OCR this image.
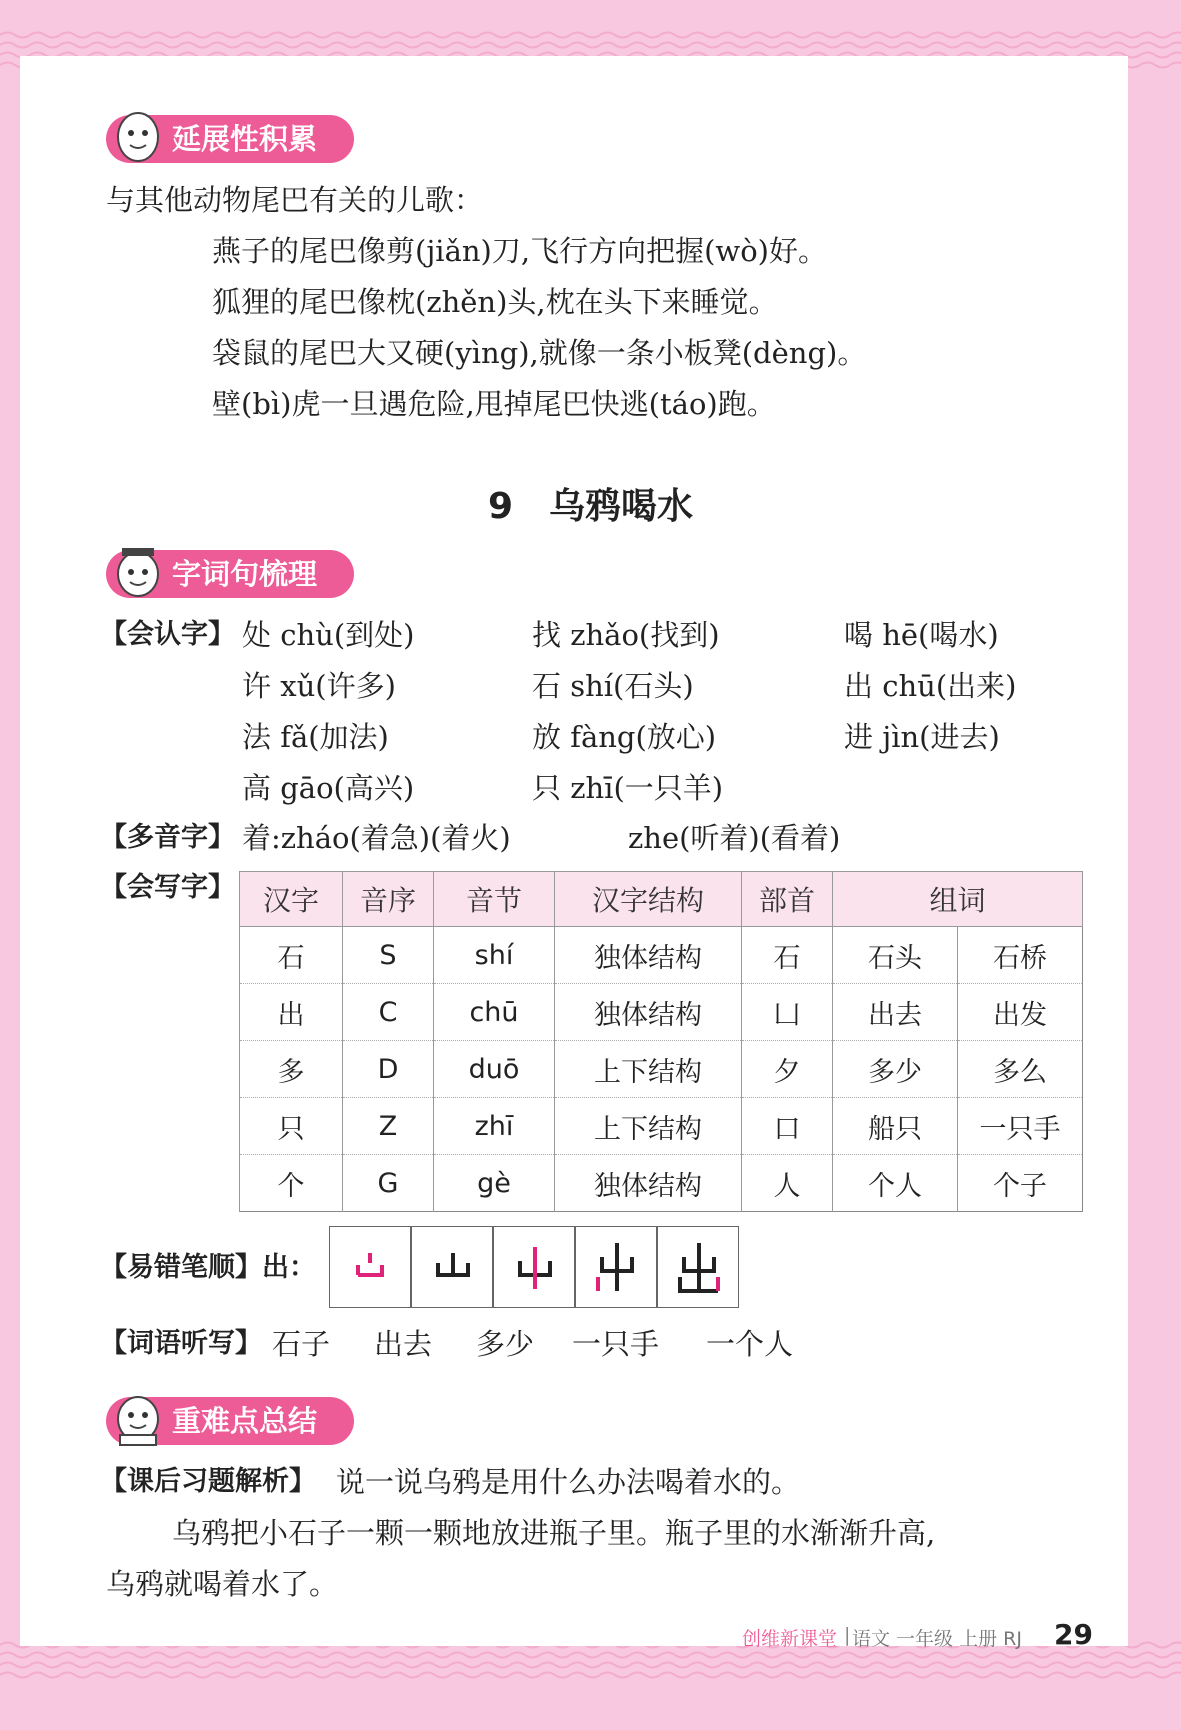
延展性积累
与其他动物尾巴有关的儿歌：
燕子的尾巴像剪(jiǎn)刀,飞行方向把握(wò)好。
狐狸的尾巴像枕(zhěn)头,枕在头下来睡觉。
袋鼠的尾巴大又硬(yìng),就像一条小板凳(dèng)。
壁(bì)虎一旦遇危险,甩掉尾巴快逃(táo)跑。
9　乌鸦喝水
字词句梳理
【会认字】 处 chù(到处)	找 zhǎo(找到)	喝 hē(喝水)
许 xǔ(许多)	石 shí(石头)	出 chū(出来)
法 fǎ(加法)	放 fàng(放心)	进 jìn(进去)
高 gāo(高兴)	只 zhī(一只羊)
【多音字】 着:zháo(着急)(着火)	zhe(听着)(看着)
【会写字】 汉字	音序	音节	汉字结构	部首	组词	
石	S	shí	独体结构	石	石头	石桥
出	C	chū	独体结构	凵	出去	出发
多	D	duō	上下结构	夕	多少	多么
只	Z	zhī	上下结构	口	船只	一只手
个	G	gè	独体结构	人	个人	个子
【易错笔顺】出：
【词语听写】 石子 出去 多少 一只手 一个人
重难点总结
【课后习题解析】 说一说乌鸦是用什么办法喝着水的。
乌鸦把小石子一颗一颗地放进瓶子里。瓶子里的水渐渐升高,
乌鸦就喝着水了。
创维新课堂 | 语文 一年级 上册 RJ 29
